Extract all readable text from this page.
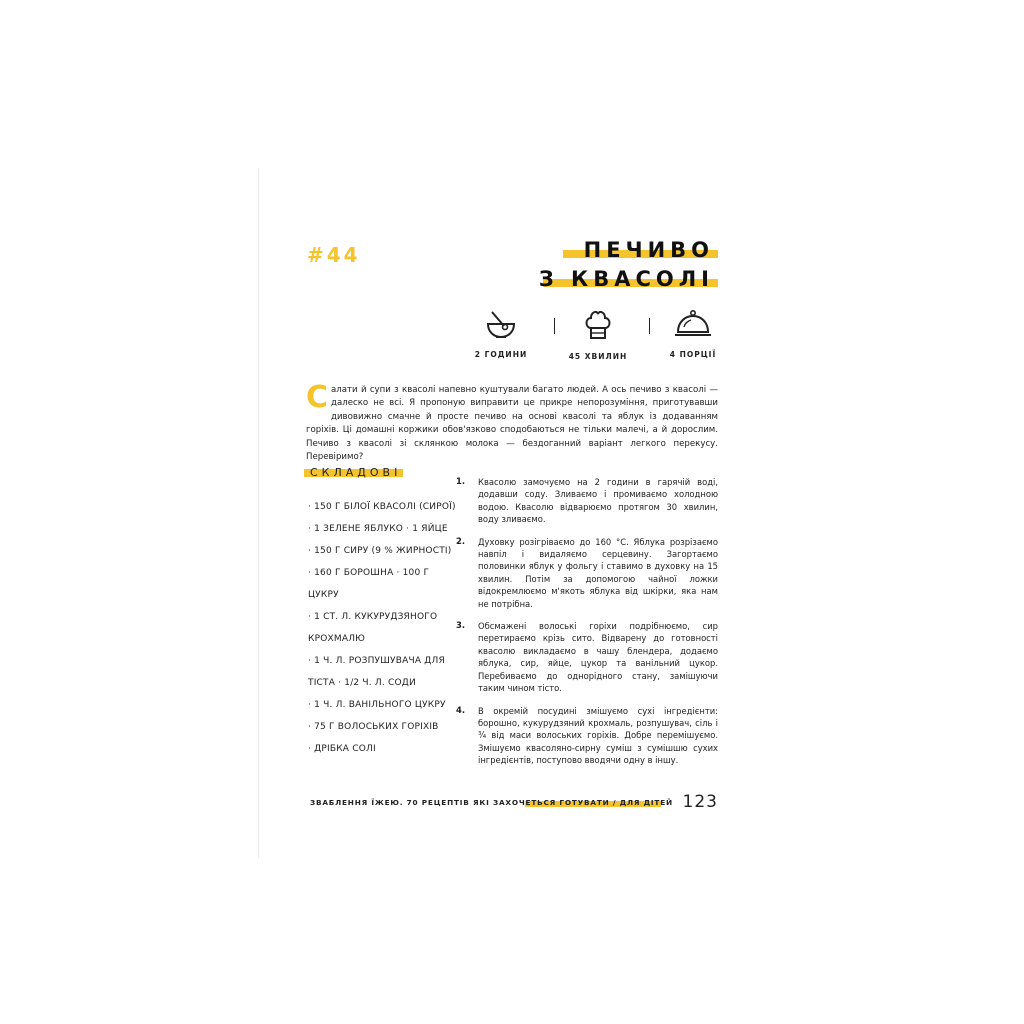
#44	ПЕЧИВО
З КВАСОЛІ
2 ГОДИНИ	45 ХВИЛИН	4 ПОРЦІЇ

Салати й супи з квасолі напевно куштували багато людей. А ось печиво з квасолі — далеско не всі. Я пропоную виправити це прикре непорозуміння, приготувавши дивовижно смачне й просте печиво на основі квасолі та яблук із додаванням горіхів. Ці домашні коржики обов'язково сподобаються не тільки малечі, а й дорослим. Печиво з квасолі зі склянкою молока — бездоганний варіант легкого перекусу. Перевіримо?

СКЛАДОВІ
· 150 Г БІЛОЇ КВАСОЛІ (СИРОЇ)
· 1 ЗЕЛЕНЕ ЯБЛУКО · 1 ЯЙЦЕ
· 150 Г СИРУ (9 % ЖИРНОСТІ)
· 160 Г БОРОШНА · 100 Г ЦУКРУ
· 1 СТ. Л. КУКУРУДЗЯНОГО
КРОХМАЛЮ
· 1 Ч. Л. РОЗПУШУВАЧА ДЛЯ
ТІСТА · 1/2 Ч. Л. СОДИ
· 1 Ч. Л. ВАНІЛЬНОГО ЦУКРУ
· 75 Г ВОЛОСЬКИХ ГОРІХІВ
· ДРІБКА СОЛІ
1. Квасолю замочуємо на 2 години в гарячій воді, додавши соду. Зливаємо і промиваємо холодною водою. Квасолю відварюємо протягом 30 хвилин, воду зливаємо.
2. Духовку розігріваємо до 160 °С. Яблука розрізаємо навпіл і видаляємо серцевину. Загортаємо половинки яблук у фольгу і ставимо в духовку на 15 хвилин. Потім за допомогою чайної ложки відокремлюємо м'якоть яблука від шкірки, яка нам не потрібна.
3. Обсмажені волоські горіхи подрібнюємо, сир перетираємо крізь сито. Відварену до готовності квасолю викладаємо в чашу блендера, додаємо яблука, сир, яйце, цукор та ванільний цукор. Перебиваємо до однорідного стану, замішуючи таким чином тісто.
4. В окремій посудині змішуємо сухі інгредієнти: борошно, кукурудзяний крохмаль, розпушувач, сіль і ¾ від маси волоських горіхів. Добре перемішуємо. Змішуємо квасоляно-сирну суміш з сумішшю сухих інгредієнтів, поступово вводячи одну в іншу.
ЗВАБЛЕННЯ ЇЖЕЮ. 70 РЕЦЕПТІВ ЯКІ ЗАХОЧЕТЬСЯ ГОТУВАТИ / ДЛЯ ДІТЕЙ 123
